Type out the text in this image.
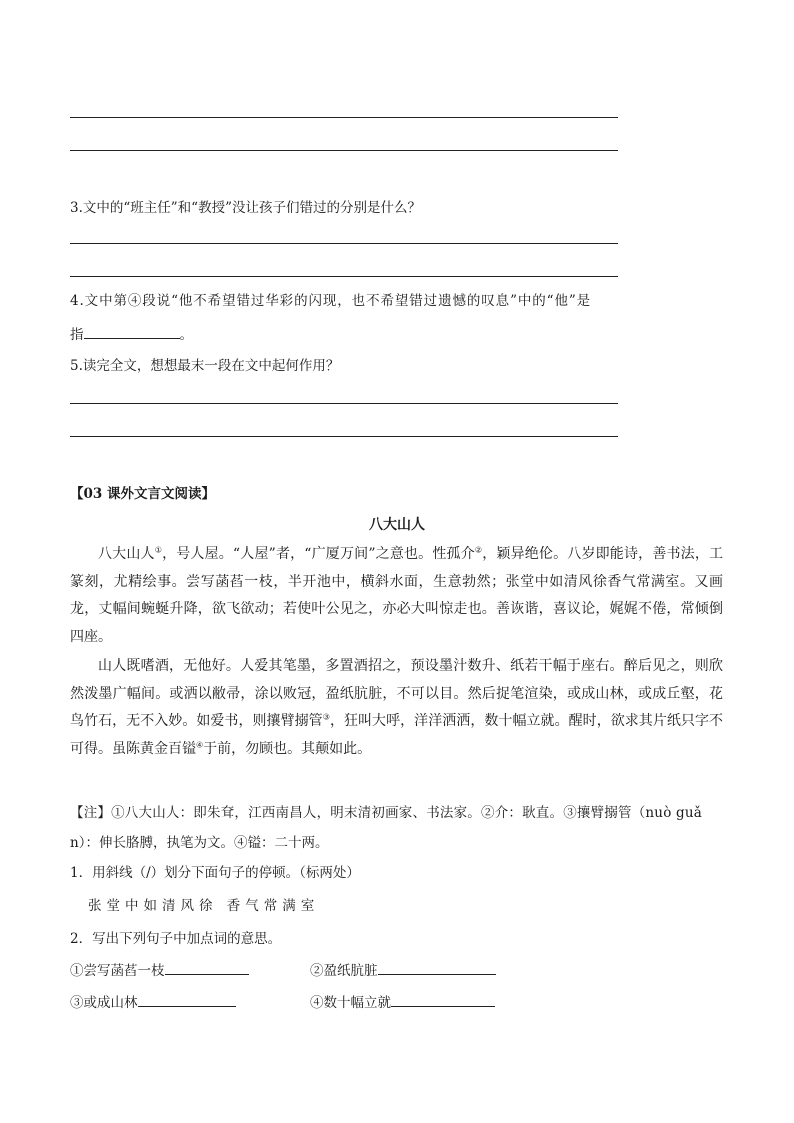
3.文中的“班主任”和“教授”没让孩子们错过的分别是什么？
4.文中第④段说“他不希望错过华彩的闪现，也不希望错过遗憾的叹息”中的“他”是
指	。
5.读完全文，想想最末一段在文中起何作用？
【03 课外文言文阅读】
八大山人
八大山人①，号人屋。“人屋”者，“广厦万间”之意也。性孤介②，颖异绝伦。八岁即能诗，善书法，工篆刻，尤精绘事。尝写菡萏一枝，半开池中，横斜水面，生意勃然；张堂中如清风徐香气常满室。又画龙，丈幅间蜿蜒升降，欲飞欲动；若使叶公见之，亦必大叫惊走也。善诙谐，喜议论，娓娓不倦，常倾倒四座。
山人既嗜酒，无他好。人爱其笔墨，多置酒招之，预设墨汁数升、纸若干幅于座右。醉后见之，则欣然泼墨广幅间。或洒以敝帚，涂以败冠，盈纸肮脏，不可以目。然后捉笔渲染，或成山林，或成丘壑，花鸟竹石，无不入妙。如爱书，则攘臂搦管③，狂叫大呼，洋洋洒洒，数十幅立就。醒时，欲求其片纸只字不可得。虽陈黄金百镒④于前，勿顾也。其颠如此。
【注】①八大山人：即朱耷，江西南昌人，明末清初画家、书法家。②介：耿直。③攘臂搦管（nuò guǎ
n）：伸长胳膊，执笔为文。④镒：二十两。
1．用斜线（/）划分下面句子的停顿。（标两处）
张堂中如清风徐 香气常满室
2．写出下列句子中加点词的意思。
①尝写菡萏一枝	②盈纸肮脏
③或成山林	④数十幅立就
